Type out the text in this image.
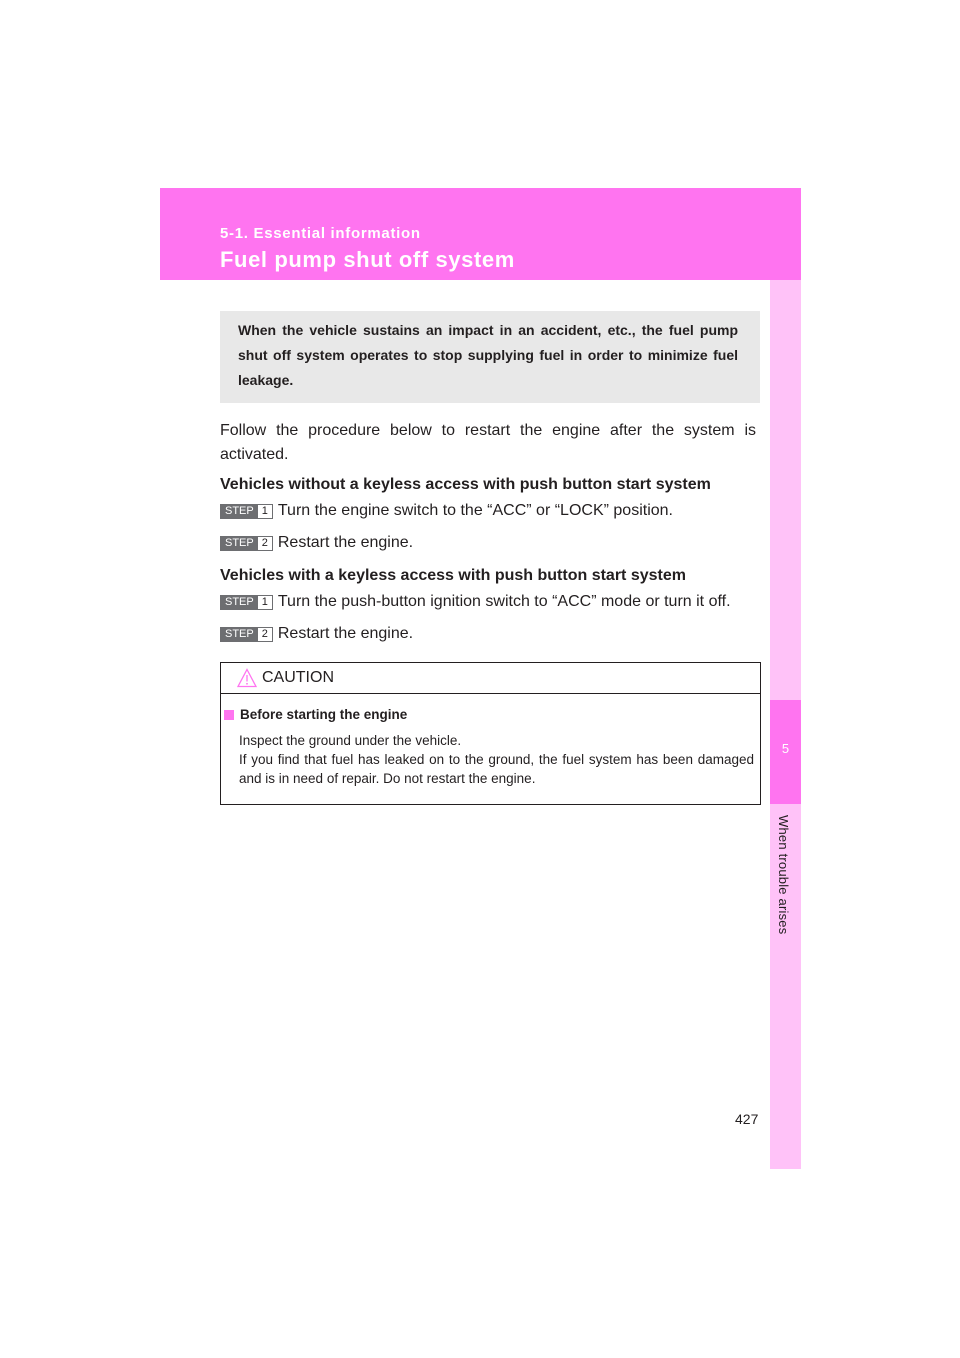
5-1. Essential information
Fuel pump shut off system
5
When trouble arises
When the vehicle sustains an impact in an accident, etc., the fuel pump shut off system operates to stop supplying fuel in order to minimize fuel leakage.
Follow the procedure below to restart the engine after the system is activated.
Vehicles without a keyless access with push button start system
STEP 1 Turn the engine switch to the “ACC” or “LOCK” position.
STEP 2 Restart the engine.
Vehicles with a keyless access with push button start system
STEP 1 Turn the push-button ignition switch to “ACC” mode or turn it off.
STEP 2 Restart the engine.
CAUTION
Before starting the engine
Inspect the ground under the vehicle.
If you find that fuel has leaked on to the ground, the fuel system has been damaged and is in need of repair. Do not restart the engine.
427
